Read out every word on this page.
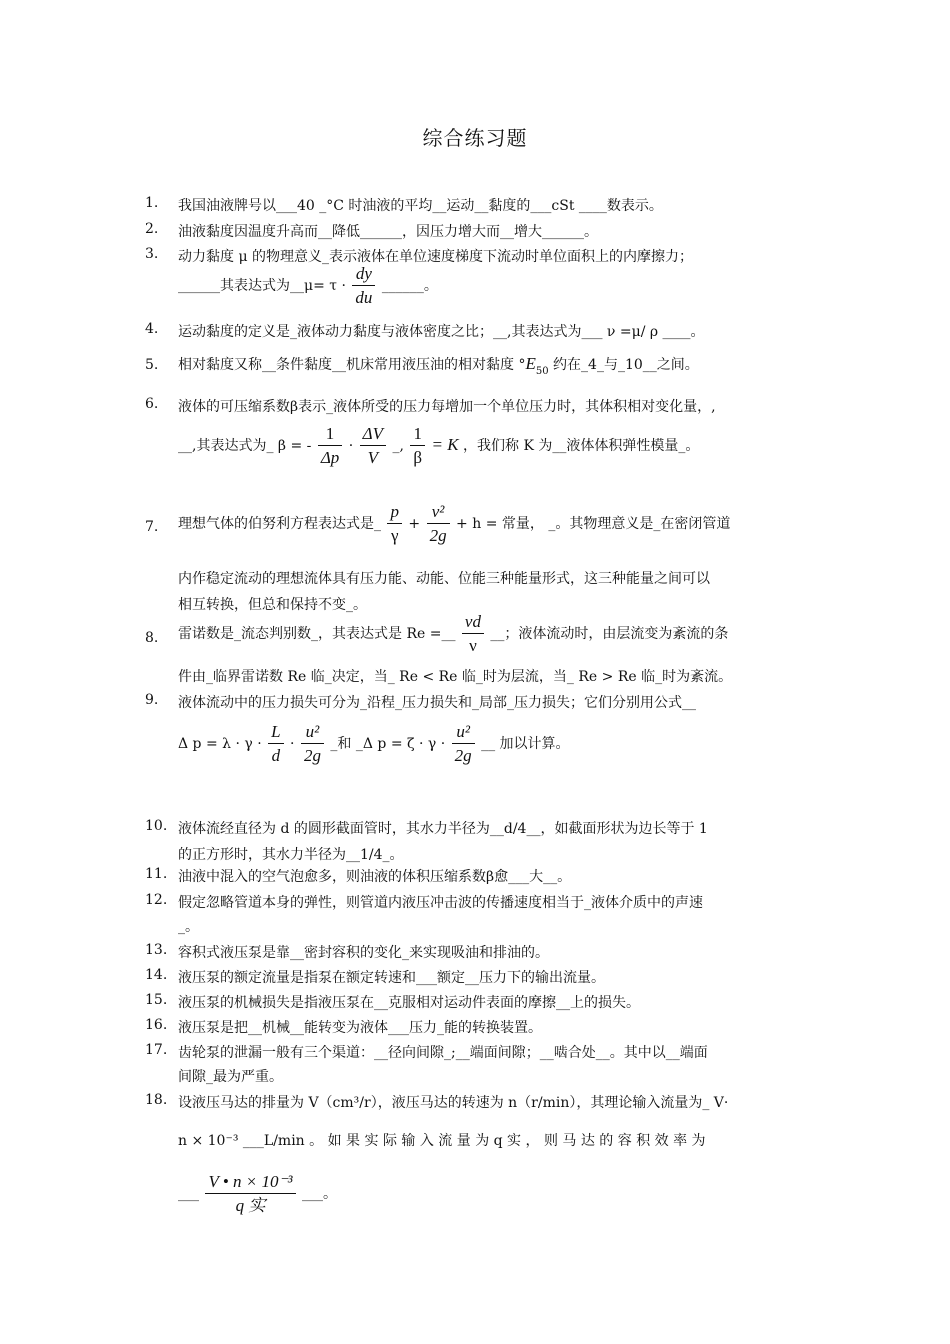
综合练习题
1. 我国油液牌号以___40 _°C 时油液的平均__运动__黏度的___cSt ____数表示。
2. 油液黏度因温度升高而__降低______，因压力增大而__增大______。
3. 动力黏度 μ 的物理意义_表示液体在单位速度梯度下流动时单位面积上的内摩擦力；
______其表达式为__μ= $\tau \cdot \frac{dy}{du}$ ______。
4. 运动黏度的定义是_液体动力黏度与液体密度之比；__,其表达式为___ ν =μ/ ρ ____。
5. 相对黏度又称__条件黏度__机床常用液压油的相对黏度 $^\circ E_{50}$ 约在_4_与_10__之间。
6. 液体的可压缩系数β表示_液体所受的压力每增加一个单位压力时，其体积相对变化量，,
__,其表达式为_ β = - $\frac{1}{\Delta p} \cdot \frac{\Delta V}{V}$ _, $\frac{1}{\beta} = K$ ，我们称 K 为__液体体积弹性模量_。
7. 理想气体的伯努利方程表达式是_ $\frac{p}{\gamma} + \frac{\text{v²}}{2g} + h$ = 常量， _。其物理意义是_在密闭管道
内作稳定流动的理想流体具有压力能、动能、位能三种能量形式，这三种能量之间可以
相互转换，但总和保持不变_。
8. 雷诺数是_流态判别数_，其表达式是 Re =__ $\frac{vd}{\nu}$ __；液体流动时，由层流变为紊流的条
件由_临界雷诺数 Re 临_决定，当_ Re < Re 临_时为层流，当_ Re > Re 临_时为紊流。
9. 液体流动中的压力损失可分为_沿程_压力损失和_局部_压力损失；它们分别用公式__
Δ $p = \lambda \cdot \gamma \cdot \frac{L}{d} \cdot \frac{\text{u²}}{2g}$ _和 _Δ $p = \zeta \cdot \gamma \cdot \frac{\text{u²}}{2g}$ __ 加以计算。
10. 液体流经直径为 d 的圆形截面管时，其水力半径为__d/4__，如截面形状为边长等于 1
的正方形时，其水力半径为__1/4_。
11. 油液中混入的空气泡愈多，则油液的体积压缩系数β愈___大__。
12. 假定忽略管道本身的弹性，则管道内液压冲击波的传播速度相当于_液体介质中的声速
_。
13. 容积式液压泵是靠__密封容积的变化_来实现吸油和排油的。
14. 液压泵的额定流量是指泵在额定转速和___额定__压力下的输出流量。
15. 液压泵的机械损失是指液压泵在__克服相对运动件表面的摩擦__上的损失。
16. 液压泵是把__机械__能转变为液体___压力_能的转换装置。
17. 齿轮泵的泄漏一般有三个渠道：__径向间隙_;__端面间隙；__啮合处__。其中以__端面
间隙_最为严重。
18. 设液压马达的排量为 V（cm³/r），液压马达的转速为 n（r/min），其理论输入流量为_ V·
n × 10⁻³ ___L/min 。 如 果 实 际 输 入 流 量 为 q 实 ， 则 马 达 的 容 积 效 率 为
___ $\frac{\text{V • n × 10⁻³}}{\text{q 实}}$ ___。
